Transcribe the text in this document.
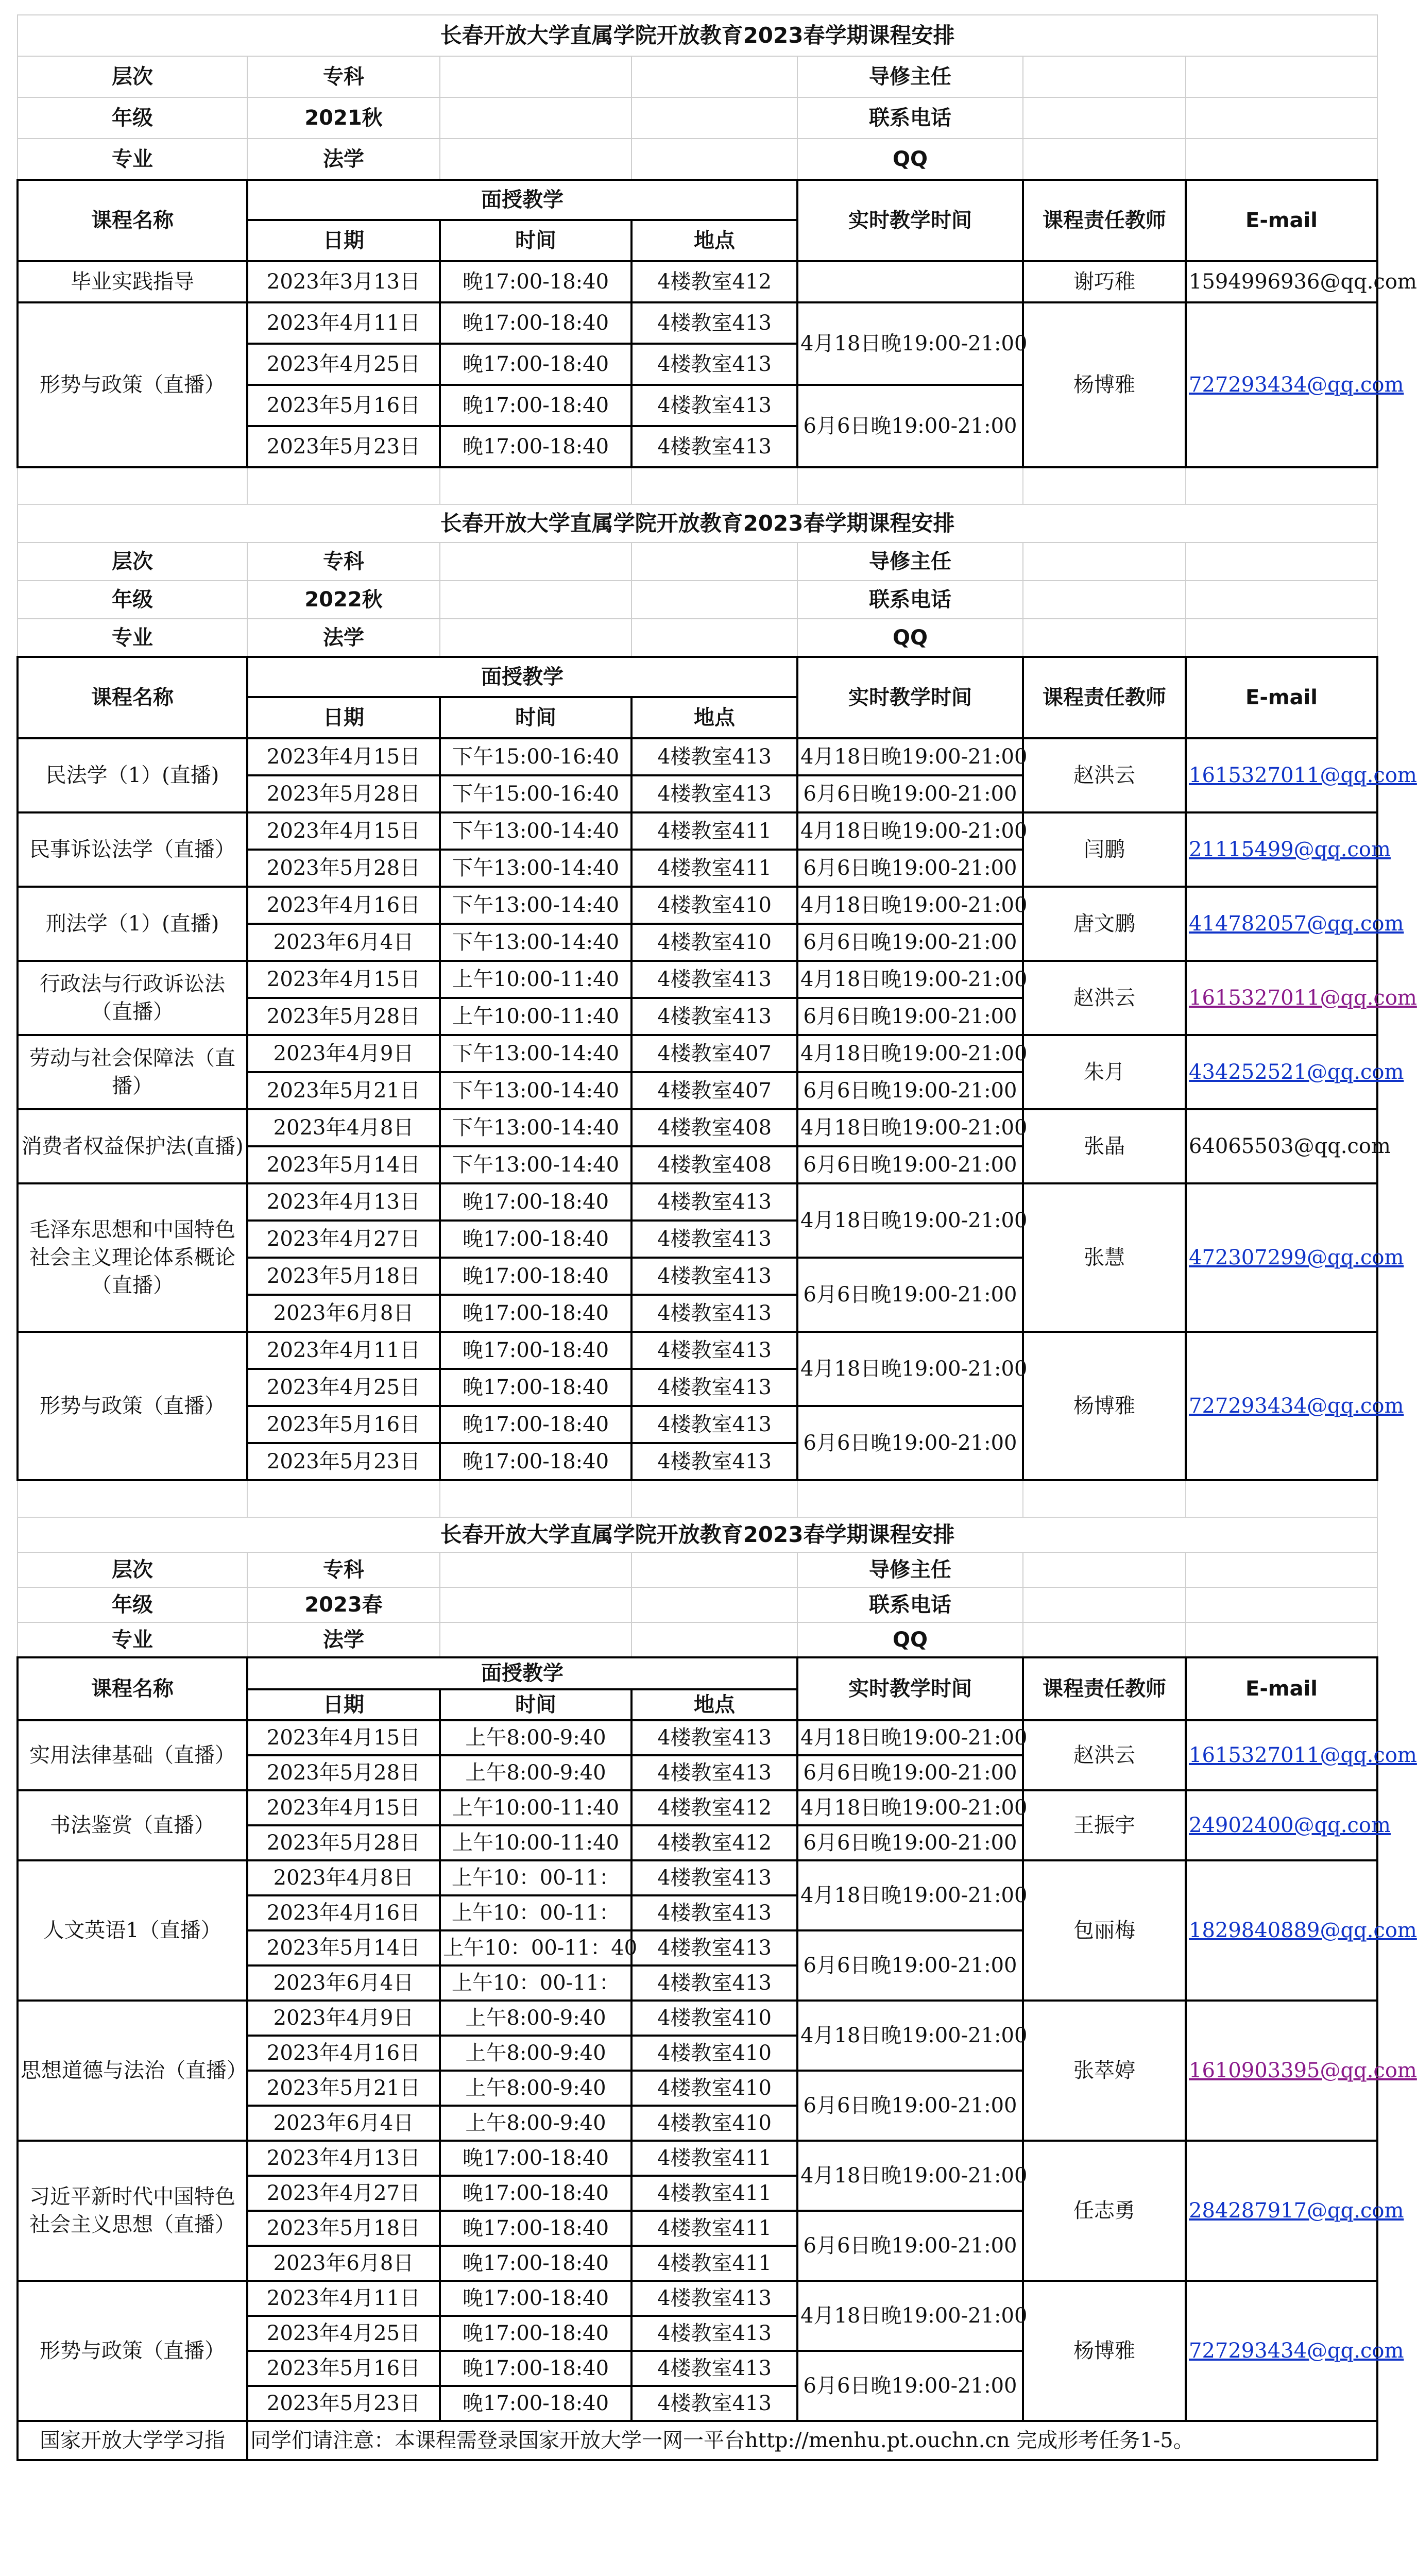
长春开放大学直属学院开放教育2023春学期课程安排						
层次	专科			导修主任		
年级	2021秋			联系电话		
专业	法学			QQ		
课程名称	面授教学			实时教学时间	课程责任教师	E-mail
	日期	时间	地点			
毕业实践指导	2023年3月13日	晚17:00-18:40	4楼教室412		谢巧稚	1594996936@qq.com
形势与政策（直播）	2023年4月11日	晚17:00-18:40	4楼教室413	4月18日晚19:00-21:00	杨博雅	727293434@qq.com
	2023年4月25日	晚17:00-18:40	4楼教室413			
	2023年5月16日	晚17:00-18:40	4楼教室413	6月6日晚19:00-21:00		
	2023年5月23日	晚17:00-18:40	4楼教室413			

长春开放大学直属学院开放教育2023春学期课程安排						
层次	专科			导修主任		
年级	2022秋			联系电话		
专业	法学			QQ		
课程名称	面授教学			实时教学时间	课程责任教师	E-mail
	日期	时间	地点			
民法学（1）(直播)	2023年4月15日	下午15:00-16:40	4楼教室413	4月18日晚19:00-21:00	赵洪云	1615327011@qq.com
	2023年5月28日	下午15:00-16:40	4楼教室413	6月6日晚19:00-21:00		
民事诉讼法学（直播）	2023年4月15日	下午13:00-14:40	4楼教室411	4月18日晚19:00-21:00	闫鹏	21115499@qq.com
	2023年5月28日	下午13:00-14:40	4楼教室411	6月6日晚19:00-21:00		
刑法学（1）(直播)	2023年4月16日	下午13:00-14:40	4楼教室410	4月18日晚19:00-21:00	唐文鹏	414782057@qq.com
	2023年6月4日	下午13:00-14:40	4楼教室410	6月6日晚19:00-21:00		
行政法与行政诉讼法（直播）	2023年4月15日	上午10:00-11:40	4楼教室413	4月18日晚19:00-21:00	赵洪云	1615327011@qq.com
	2023年5月28日	上午10:00-11:40	4楼教室413	6月6日晚19:00-21:00		
劳动与社会保障法（直播）	2023年4月9日	下午13:00-14:40	4楼教室407	4月18日晚19:00-21:00	朱月	434252521@qq.com
	2023年5月21日	下午13:00-14:40	4楼教室407	6月6日晚19:00-21:00		
消费者权益保护法(直播)	2023年4月8日	下午13:00-14:40	4楼教室408	4月18日晚19:00-21:00	张晶	64065503@qq.com
	2023年5月14日	下午13:00-14:40	4楼教室408	6月6日晚19:00-21:00		
毛泽东思想和中国特色社会主义理论体系概论（直播）	2023年4月13日	晚17:00-18:40	4楼教室413	4月18日晚19:00-21:00	张慧	472307299@qq.com
	2023年4月27日	晚17:00-18:40	4楼教室413			
	2023年5月18日	晚17:00-18:40	4楼教室413	6月6日晚19:00-21:00		
	2023年6月8日	晚17:00-18:40	4楼教室413			
形势与政策（直播）	2023年4月11日	晚17:00-18:40	4楼教室413	4月18日晚19:00-21:00	杨博雅	727293434@qq.com
	2023年4月25日	晚17:00-18:40	4楼教室413			
	2023年5月16日	晚17:00-18:40	4楼教室413	6月6日晚19:00-21:00		
	2023年5月23日	晚17:00-18:40	4楼教室413			

长春开放大学直属学院开放教育2023春学期课程安排						
层次	专科			导修主任		
年级	2023春			联系电话		
专业	法学			QQ		
课程名称	面授教学			实时教学时间	课程责任教师	E-mail
	日期	时间	地点			
实用法律基础（直播）	2023年4月15日	上午8:00-9:40	4楼教室413	4月18日晚19:00-21:00	赵洪云	1615327011@qq.com
	2023年5月28日	上午8:00-9:40	4楼教室413	6月6日晚19:00-21:00		
书法鉴赏（直播）	2023年4月15日	上午10:00-11:40	4楼教室412	4月18日晚19:00-21:00	王振宇	24902400@qq.com
	2023年5月28日	上午10:00-11:40	4楼教室412	6月6日晚19:00-21:00		
人文英语1（直播）	2023年4月8日	上午10：00-11：	4楼教室413	4月18日晚19:00-21:00	包丽梅	1829840889@qq.com
	2023年4月16日	上午10：00-11：	4楼教室413			
	2023年5月14日	上午10：00-11：40	4楼教室413	6月6日晚19:00-21:00		
	2023年6月4日	上午10：00-11：	4楼教室413			
思想道德与法治（直播）	2023年4月9日	上午8:00-9:40	4楼教室410	4月18日晚19:00-21:00	张萃婷	1610903395@qq.com
	2023年4月16日	上午8:00-9:40	4楼教室410			
	2023年5月21日	上午8:00-9:40	4楼教室410	6月6日晚19:00-21:00		
	2023年6月4日	上午8:00-9:40	4楼教室410			
习近平新时代中国特色社会主义思想（直播）	2023年4月13日	晚17:00-18:40	4楼教室411	4月18日晚19:00-21:00	任志勇	284287917@qq.com
	2023年4月27日	晚17:00-18:40	4楼教室411			
	2023年5月18日	晚17:00-18:40	4楼教室411	6月6日晚19:00-21:00		
	2023年6月8日	晚17:00-18:40	4楼教室411			
形势与政策（直播）	2023年4月11日	晚17:00-18:40	4楼教室413	4月18日晚19:00-21:00	杨博雅	727293434@qq.com
	2023年4月25日	晚17:00-18:40	4楼教室413			
	2023年5月16日	晚17:00-18:40	4楼教室413	6月6日晚19:00-21:00		
	2023年5月23日	晚17:00-18:40	4楼教室413			
国家开放大学学习指	同学们请注意：本课程需登录国家开放大学一网一平台http://menhu.pt.ouchn.cn 完成形考任务1-5。					
